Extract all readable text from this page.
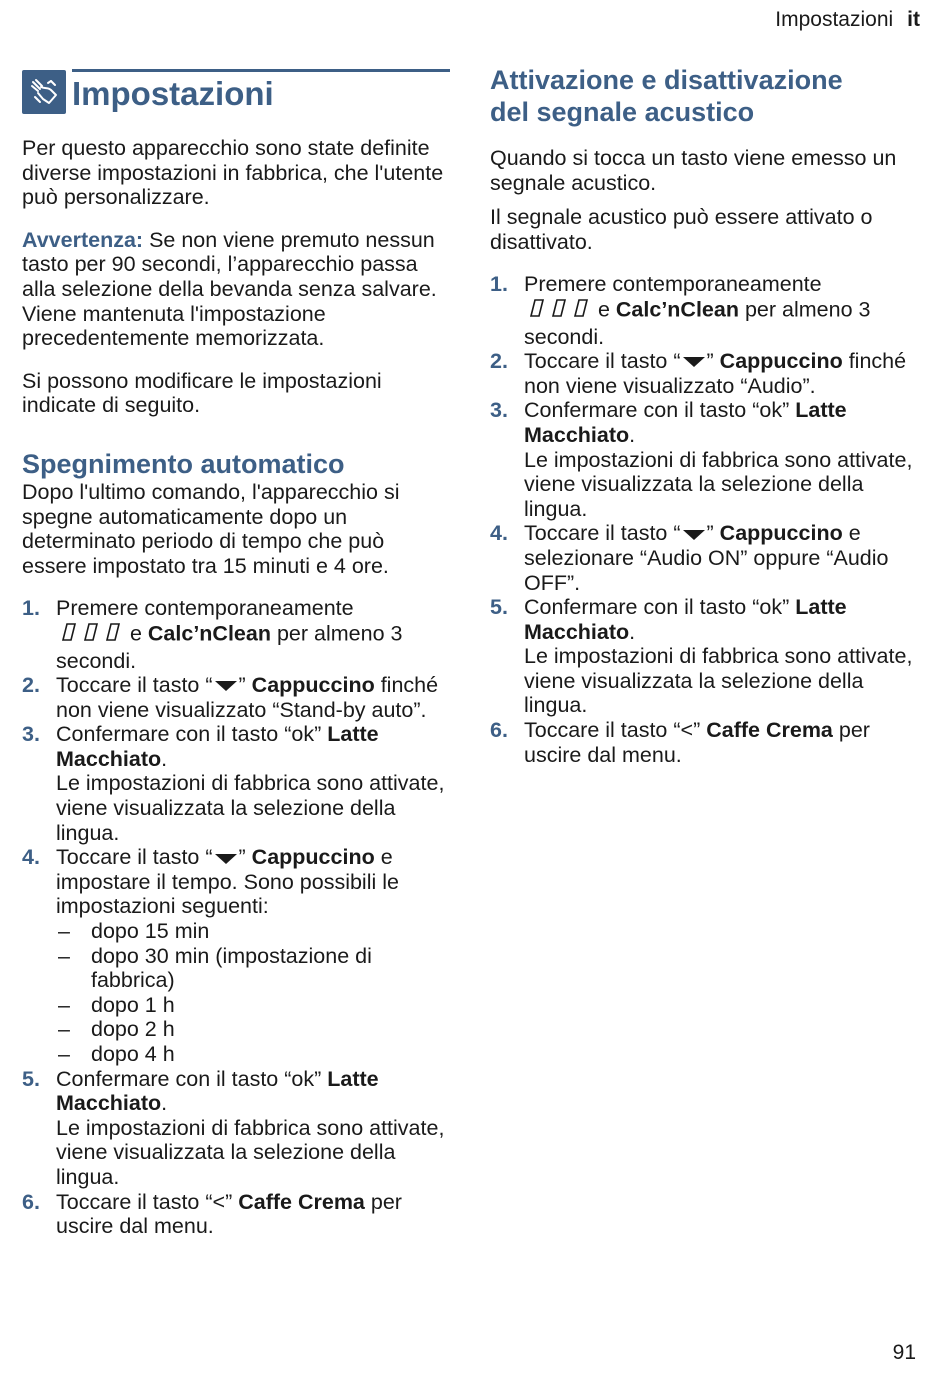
Impostazioni it
Impostazioni

Per questo apparecchio sono state definite diverse impostazioni in fabbrica, che l'utente può personalizzare.

Avvertenza: Se non viene premuto nessun tasto per 90 secondi, l’apparecchio passa alla selezione della bevanda senza salvare. Viene mantenuta l'impostazione precedentemente memorizzata.

Si possono modificare le impostazioni indicate di seguito.

Spegnimento automatico

Dopo l'ultimo comando, l'apparecchio si spegne automaticamente dopo un determinato periodo di tempo che può essere impostato tra 15 minuti e 4 ore.

1. Premere contemporaneamente
e Calc’nClean per almeno 3 secondi.
2. Toccare il tasto “ ” Cappuccino finché non viene visualizzato “Stand-by auto”.
3. Confermare con il tasto “ok” Latte Macchiato.
Le impostazioni di fabbrica sono attivate, viene visualizzata la selezione della lingua.
4. Toccare il tasto “ ” Cappuccino e impostare il tempo. Sono possibili le impostazioni seguenti:
– dopo 15 min
– dopo 30 min (impostazione di fabbrica)
– dopo 1 h
– dopo 2 h
– dopo 4 h
5. Confermare con il tasto “ok” Latte Macchiato.
Le impostazioni di fabbrica sono attivate, viene visualizzata la selezione della lingua.
6. Toccare il tasto “<” Caffe Crema per uscire dal menu.
Attivazione e disattivazione
del segnale acustico

Quando si tocca un tasto viene emesso un segnale acustico.

Il segnale acustico può essere attivato o disattivato.

1. Premere contemporaneamente
e Calc’nClean per almeno 3 secondi.
2. Toccare il tasto “ ” Cappuccino finché non viene visualizzato “Audio”.
3. Confermare con il tasto “ok” Latte Macchiato.
Le impostazioni di fabbrica sono attivate, viene visualizzata la selezione della lingua.
4. Toccare il tasto “ ” Cappuccino e selezionare “Audio ON” oppure “Audio OFF”.
5. Confermare con il tasto “ok” Latte Macchiato.
Le impostazioni di fabbrica sono attivate, viene visualizzata la selezione della lingua.
6. Toccare il tasto “<” Caffe Crema per uscire dal menu.
91
